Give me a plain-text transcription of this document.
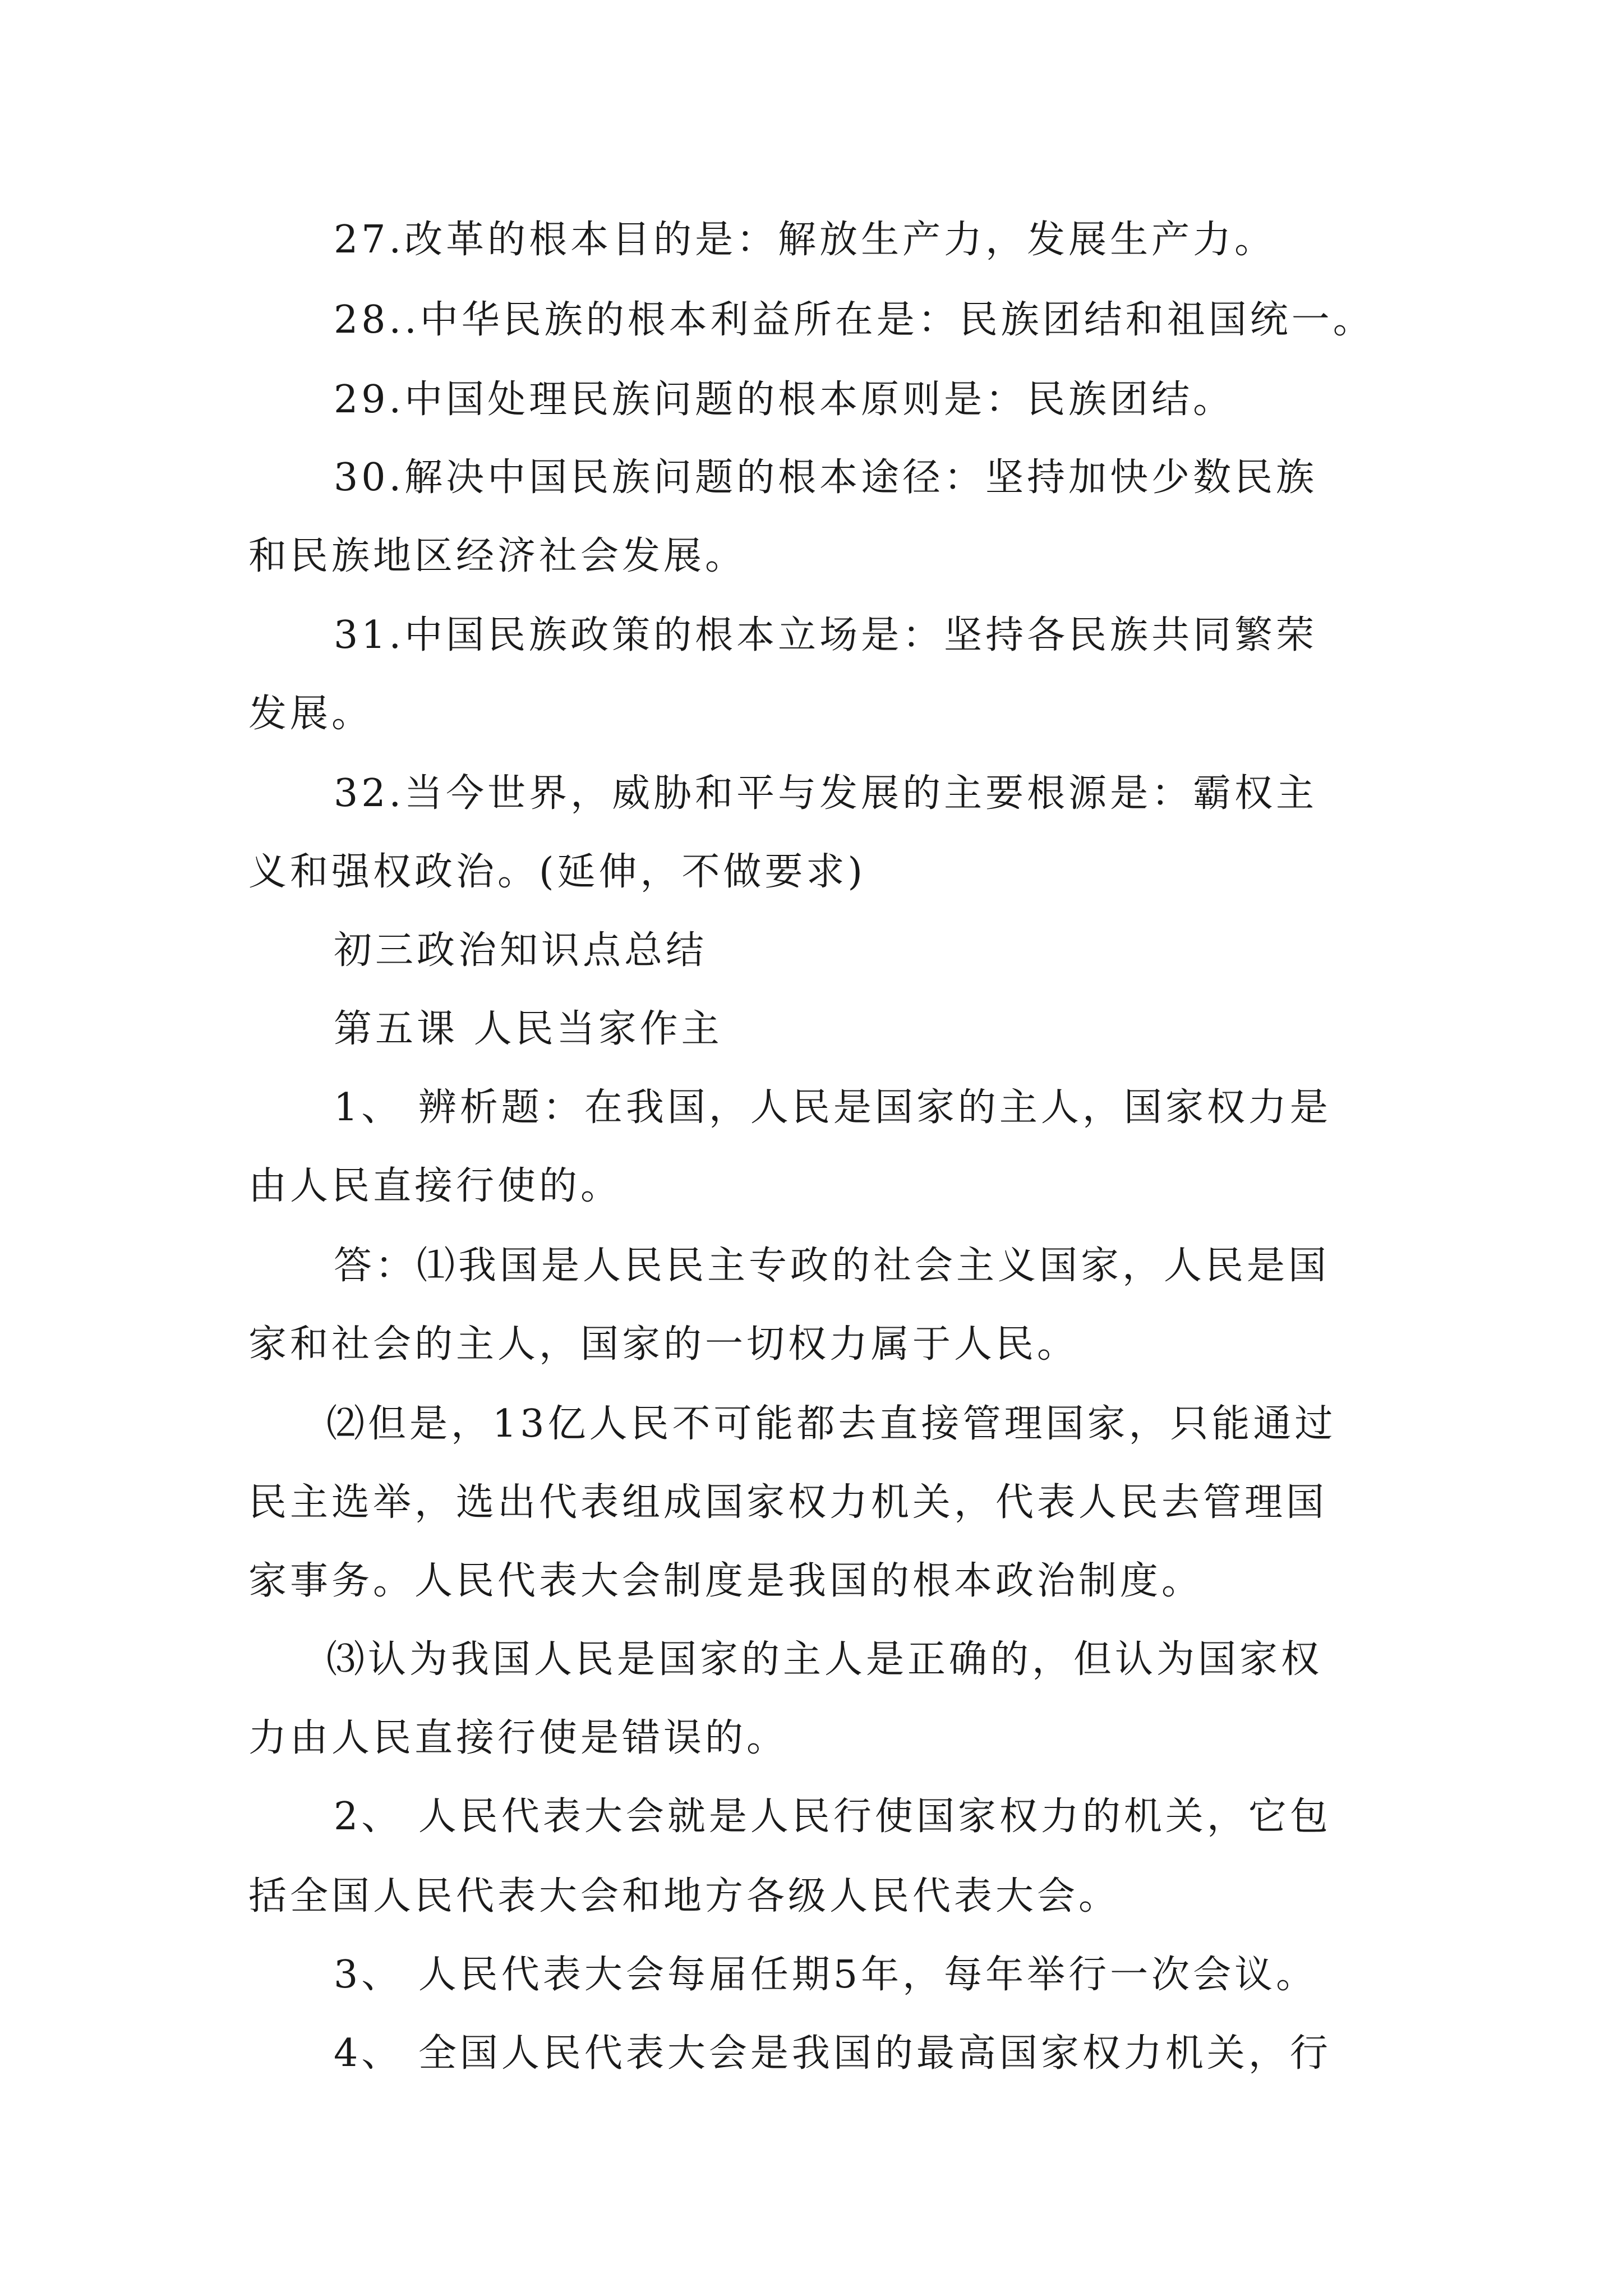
27.改革的根本目的是：解放生产力，发展生产力。
28..中华民族的根本利益所在是：民族团结和祖国统一。
29.中国处理民族问题的根本原则是：民族团结。
30.解决中国民族问题的根本途径：坚持加快少数民族
和民族地区经济社会发展。
31.中国民族政策的根本立场是：坚持各民族共同繁荣
发展。
32.当今世界，威胁和平与发展的主要根源是：霸权主
义和强权政治。(延伸，不做要求)
初三政治知识点总结
第五课 人民当家作主
1、 辨析题：在我国，人民是国家的主人，国家权力是
由人民直接行使的。
答：⑴我国是人民民主专政的社会主义国家，人民是国
家和社会的主人，国家的一切权力属于人民。
⑵但是，13亿人民不可能都去直接管理国家，只能通过
民主选举，选出代表组成国家权力机关，代表人民去管理国
家事务。人民代表大会制度是我国的根本政治制度。
⑶认为我国人民是国家的主人是正确的，但认为国家权
力由人民直接行使是错误的。
2、 人民代表大会就是人民行使国家权力的机关，它包
括全国人民代表大会和地方各级人民代表大会。
3、 人民代表大会每届任期5年，每年举行一次会议。
4、 全国人民代表大会是我国的最高国家权力机关，行
